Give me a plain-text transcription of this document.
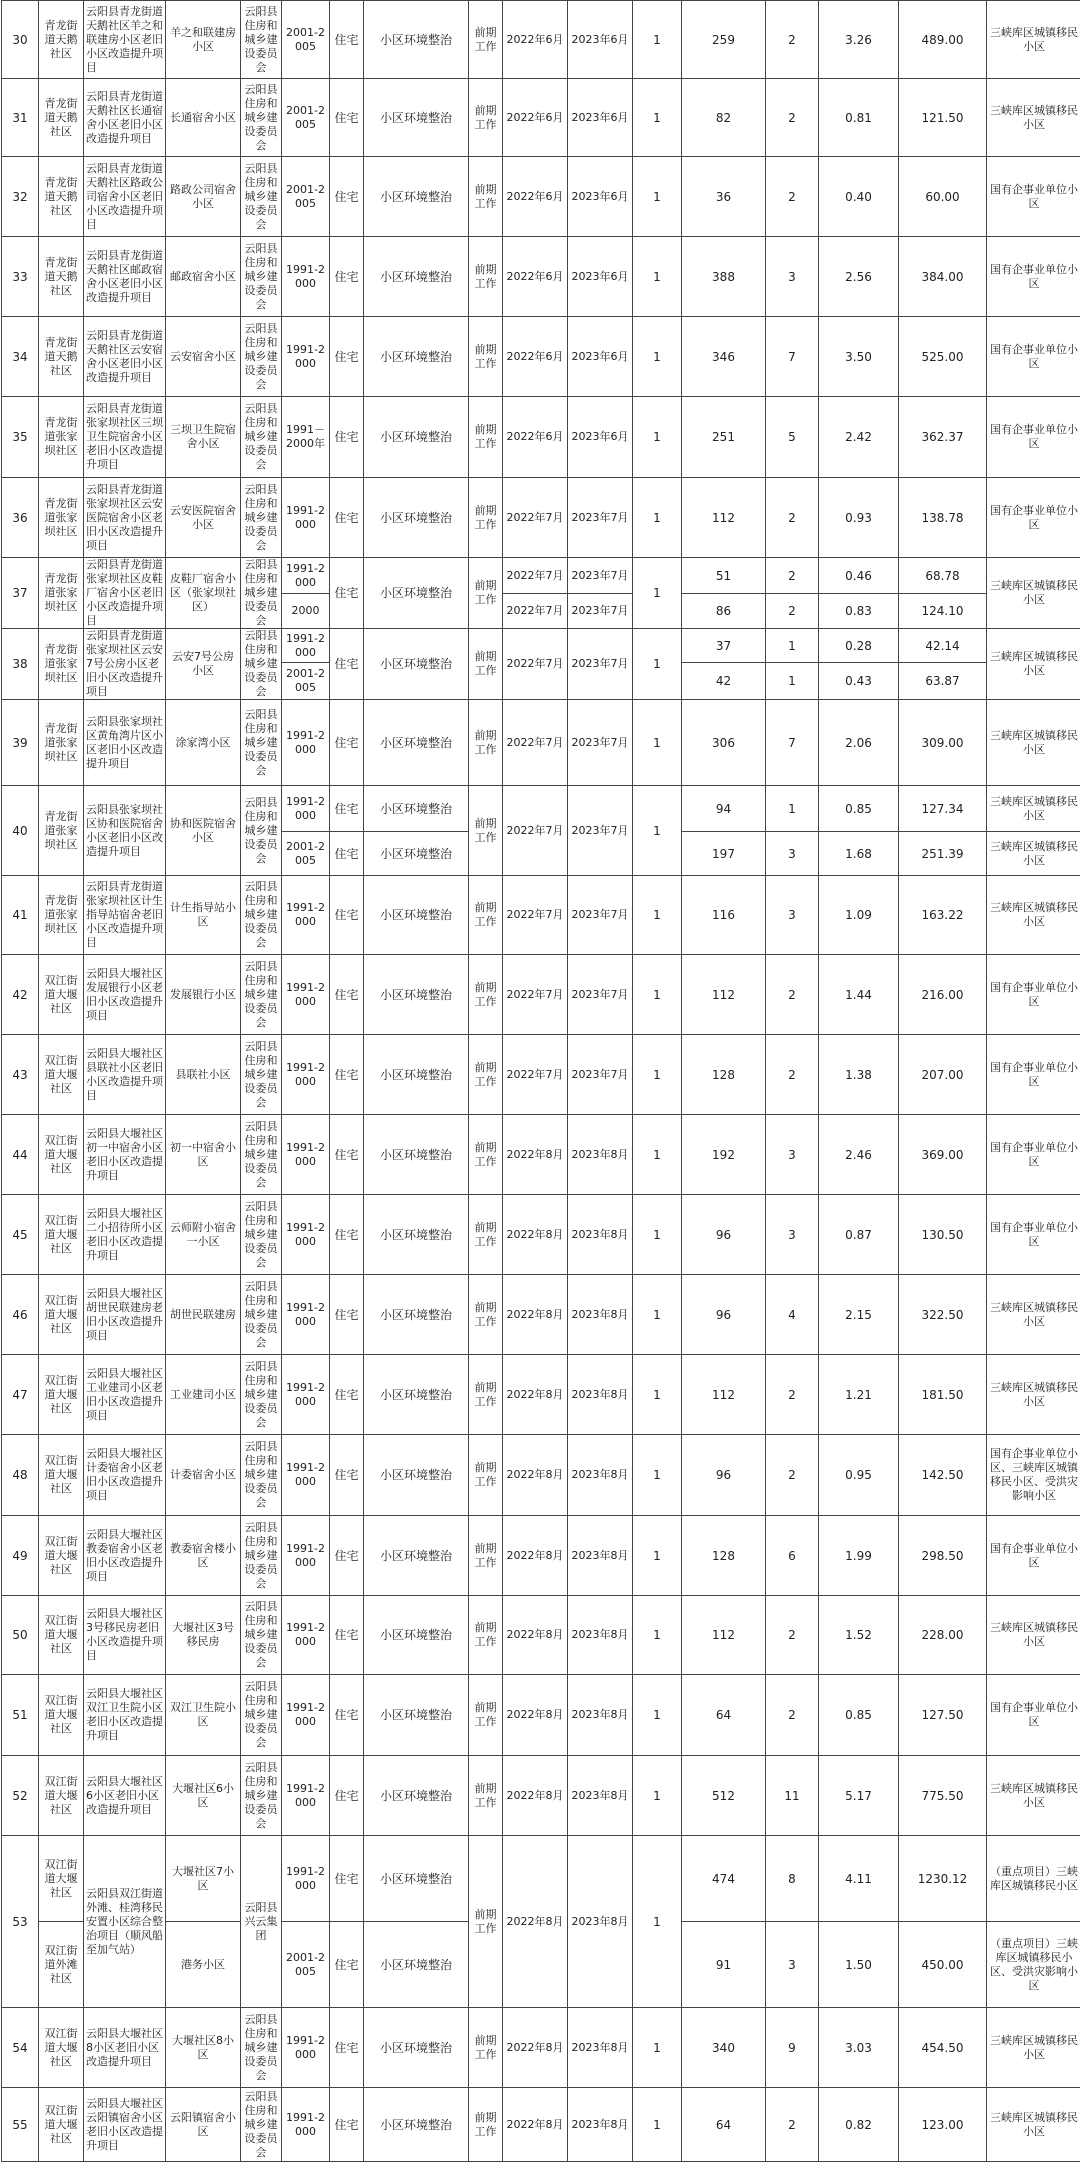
30	青龙街道天鹅社区	云阳县青龙街道天鹅社区羊之和联建房小区老旧小区改造提升项目	羊之和联建房小区	云阳县住房和城乡建设委员会	2001-2005	住宅	小区环境整治	前期工作	2022年6月	2023年6月	1	259	2	3.26	489.00	三峡库区城镇移民小区
31	青龙街道天鹅社区	云阳县青龙街道天鹅社区长通宿舍小区老旧小区改造提升项目	长通宿舍小区	云阳县住房和城乡建设委员会	2001-2005	住宅	小区环境整治	前期工作	2022年6月	2023年6月	1	82	2	0.81	121.50	三峡库区城镇移民小区
32	青龙街道天鹅社区	云阳县青龙街道天鹅社区路政公司宿舍小区老旧小区改造提升项目	路政公司宿舍小区	云阳县住房和城乡建设委员会	2001-2005	住宅	小区环境整治	前期工作	2022年6月	2023年6月	1	36	2	0.40	60.00	国有企事业单位小区
33	青龙街道天鹅社区	云阳县青龙街道天鹅社区邮政宿舍小区老旧小区改造提升项目	邮政宿舍小区	云阳县住房和城乡建设委员会	1991-2000	住宅	小区环境整治	前期工作	2022年6月	2023年6月	1	388	3	2.56	384.00	国有企事业单位小区
34	青龙街道天鹅社区	云阳县青龙街道天鹅社区云安宿舍小区老旧小区改造提升项目	云安宿舍小区	云阳县住房和城乡建设委员会	1991-2000	住宅	小区环境整治	前期工作	2022年6月	2023年6月	1	346	7	3.50	525.00	国有企事业单位小区
35	青龙街道张家坝社区	云阳县青龙街道张家坝社区三坝卫生院宿舍小区老旧小区改造提升项目	三坝卫生院宿舍小区	云阳县住房和城乡建设委员会	1991－2000年	住宅	小区环境整治	前期工作	2022年6月	2023年6月	1	251	5	2.42	362.37	国有企事业单位小区
36	青龙街道张家坝社区	云阳县青龙街道张家坝社区云安医院宿舍小区老旧小区改造提升项目	云安医院宿舍小区	云阳县住房和城乡建设委员会	1991-2000	住宅	小区环境整治	前期工作	2022年7月	2023年7月	1	112	2	0.93	138.78	国有企事业单位小区
37	青龙街道张家坝社区	云阳县青龙街道张家坝社区皮鞋厂宿舍小区老旧小区改造提升项目	皮鞋厂宿舍小区（张家坝社区）	云阳县住房和城乡建设委员会	1991-2000	住宅	小区环境整治	前期工作	2022年7月	2023年7月	1	51	2	0.46	68.78	三峡库区城镇移民小区
					2000				2022年7月	2023年7月		86	2	0.83	124.10	
38	青龙街道张家坝社区	云阳县青龙街道张家坝社区云安7号公房小区老旧小区改造提升项目	云安7号公房小区	云阳县住房和城乡建设委员会	1991-2000	住宅	小区环境整治	前期工作	2022年7月	2023年7月	1	37	1	0.28	42.14	三峡库区城镇移民小区
					2001-2005							42	1	0.43	63.87	
39	青龙街道张家坝社区	云阳县张家坝社区黄角湾片区小区老旧小区改造提升项目	涂家湾小区	云阳县住房和城乡建设委员会	1991-2000	住宅	小区环境整治	前期工作	2022年7月	2023年7月	1	306	7	2.06	309.00	三峡库区城镇移民小区
40	青龙街道张家坝社区	云阳县张家坝社区协和医院宿舍小区老旧小区改造提升项目	协和医院宿舍小区	云阳县住房和城乡建设委员会	1991-2000	住宅	小区环境整治	前期工作	2022年7月	2023年7月	1	94	1	0.85	127.34	三峡库区城镇移民小区
					2001-2005	住宅	小区环境整治					197	3	1.68	251.39	三峡库区城镇移民小区
41	青龙街道张家坝社区	云阳县青龙街道张家坝社区计生指导站宿舍老旧小区改造提升项目	计生指导站小区	云阳县住房和城乡建设委员会	1991-2000	住宅	小区环境整治	前期工作	2022年7月	2023年7月	1	116	3	1.09	163.22	三峡库区城镇移民小区
42	双江街道大堰社区	云阳县大堰社区发展银行小区老旧小区改造提升项目	发展银行小区	云阳县住房和城乡建设委员会	1991-2000	住宅	小区环境整治	前期工作	2022年7月	2023年7月	1	112	2	1.44	216.00	国有企事业单位小区
43	双江街道大堰社区	云阳县大堰社区县联社小区老旧小区改造提升项目	县联社小区	云阳县住房和城乡建设委员会	1991-2000	住宅	小区环境整治	前期工作	2022年7月	2023年7月	1	128	2	1.38	207.00	国有企事业单位小区
44	双江街道大堰社区	云阳县大堰社区初一中宿舍小区老旧小区改造提升项目	初一中宿舍小区	云阳县住房和城乡建设委员会	1991-2000	住宅	小区环境整治	前期工作	2022年8月	2023年8月	1	192	3	2.46	369.00	国有企事业单位小区
45	双江街道大堰社区	云阳县大堰社区二小招待所小区老旧小区改造提升项目	云师附小宿舍一小区	云阳县住房和城乡建设委员会	1991-2000	住宅	小区环境整治	前期工作	2022年8月	2023年8月	1	96	3	0.87	130.50	国有企事业单位小区
46	双江街道大堰社区	云阳县大堰社区胡世民联建房老旧小区改造提升项目	胡世民联建房	云阳县住房和城乡建设委员会	1991-2000	住宅	小区环境整治	前期工作	2022年8月	2023年8月	1	96	4	2.15	322.50	三峡库区城镇移民小区
47	双江街道大堰社区	云阳县大堰社区工业建司小区老旧小区改造提升项目	工业建司小区	云阳县住房和城乡建设委员会	1991-2000	住宅	小区环境整治	前期工作	2022年8月	2023年8月	1	112	2	1.21	181.50	三峡库区城镇移民小区
48	双江街道大堰社区	云阳县大堰社区计委宿舍小区老旧小区改造提升项目	计委宿舍小区	云阳县住房和城乡建设委员会	1991-2000	住宅	小区环境整治	前期工作	2022年8月	2023年8月	1	96	2	0.95	142.50	国有企事业单位小区、三峡库区城镇移民小区、受洪灾影响小区
49	双江街道大堰社区	云阳县大堰社区教委宿舍小区老旧小区改造提升项目	教委宿舍楼小区	云阳县住房和城乡建设委员会	1991-2000	住宅	小区环境整治	前期工作	2022年8月	2023年8月	1	128	6	1.99	298.50	国有企事业单位小区
50	双江街道大堰社区	云阳县大堰社区3号移民房老旧小区改造提升项目	大堰社区3号移民房	云阳县住房和城乡建设委员会	1991-2000	住宅	小区环境整治	前期工作	2022年8月	2023年8月	1	112	2	1.52	228.00	三峡库区城镇移民小区
51	双江街道大堰社区	云阳县大堰社区双江卫生院小区老旧小区改造提升项目	双江卫生院小区	云阳县住房和城乡建设委员会	1991-2000	住宅	小区环境整治	前期工作	2022年8月	2023年8月	1	64	2	0.85	127.50	国有企事业单位小区
52	双江街道大堰社区	云阳县大堰社区6小区老旧小区改造提升项目	大堰社区6小区	云阳县住房和城乡建设委员会	1991-2000	住宅	小区环境整治	前期工作	2022年8月	2023年8月	1	512	11	5.17	775.50	三峡库区城镇移民小区
53	双江街道大堰社区	云阳县双江街道外滩、桂湾移民安置小区综合整治项目（顺风船至加气站）	大堰社区7小区	云阳县兴云集团	1991-2000	住宅	小区环境整治	前期工作	2022年8月	2023年8月	1	474	8	4.11	1230.12	（重点项目）三峡库区城镇移民小区
	双江街道外滩社区		港务小区		2001-2005	住宅	小区环境整治					91	3	1.50	450.00	（重点项目）三峡库区城镇移民小区、受洪灾影响小区
54	双江街道大堰社区	云阳县大堰社区8小区老旧小区改造提升项目	大堰社区8小区	云阳县住房和城乡建设委员会	1991-2000	住宅	小区环境整治	前期工作	2022年8月	2023年8月	1	340	9	3.03	454.50	三峡库区城镇移民小区
55	双江街道大堰社区	云阳县大堰社区云阳镇宿舍小区老旧小区改造提升项目	云阳镇宿舍小区	云阳县住房和城乡建设委员会	1991-2000	住宅	小区环境整治	前期工作	2022年8月	2023年8月	1	64	2	0.82	123.00	三峡库区城镇移民小区
